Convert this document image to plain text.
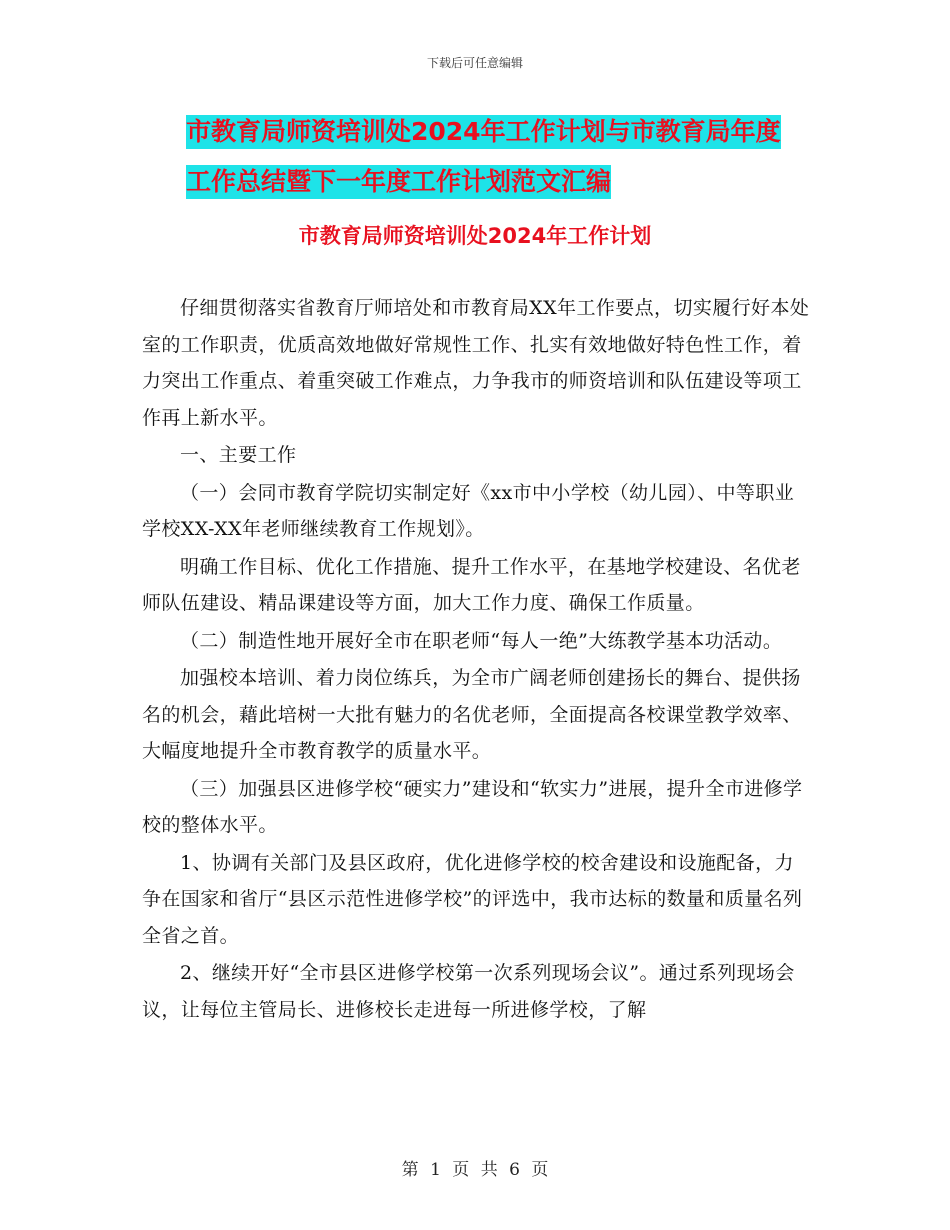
下载后可任意编辑
市教育局师资培训处2024年工作计划与市教育局年度
工作总结暨下一年度工作计划范文汇编
市教育局师资培训处2024年工作计划

仔细贯彻落实省教育厅师培处和市教育局XX年工作要点，切实履行好本处室的工作职责，优质高效地做好常规性工作、扎实有效地做好特色性工作，着力突出工作重点、着重突破工作难点，力争我市的师资培训和队伍建设等项工作再上新水平。

一、主要工作

（一）会同市教育学院切实制定好《xx市中小学校（幼儿园）、中等职业学校XX-XX年老师继续教育工作规划》。

明确工作目标、优化工作措施、提升工作水平，在基地学校建设、名优老师队伍建设、精品课建设等方面，加大工作力度、确保工作质量。

（二）制造性地开展好全市在职老师“每人一绝”大练教学基本功活动。

加强校本培训、着力岗位练兵，为全市广阔老师创建扬长的舞台、提供扬名的机会，藉此培树一大批有魅力的名优老师，全面提高各校课堂教学效率、大幅度地提升全市教育教学的质量水平。

（三）加强县区进修学校“硬实力”建设和“软实力”进展，提升全市进修学校的整体水平。

1、协调有关部门及县区政府，优化进修学校的校舍建设和设施配备，力争在国家和省厅“县区示范性进修学校”的评选中，我市达标的数量和质量名列全省之首。

2、继续开好“全市县区进修学校第一次系列现场会议”。通过系列现场会议，让每位主管局长、进修校长走进每一所进修学校，了解

第 1 页 共 6 页
